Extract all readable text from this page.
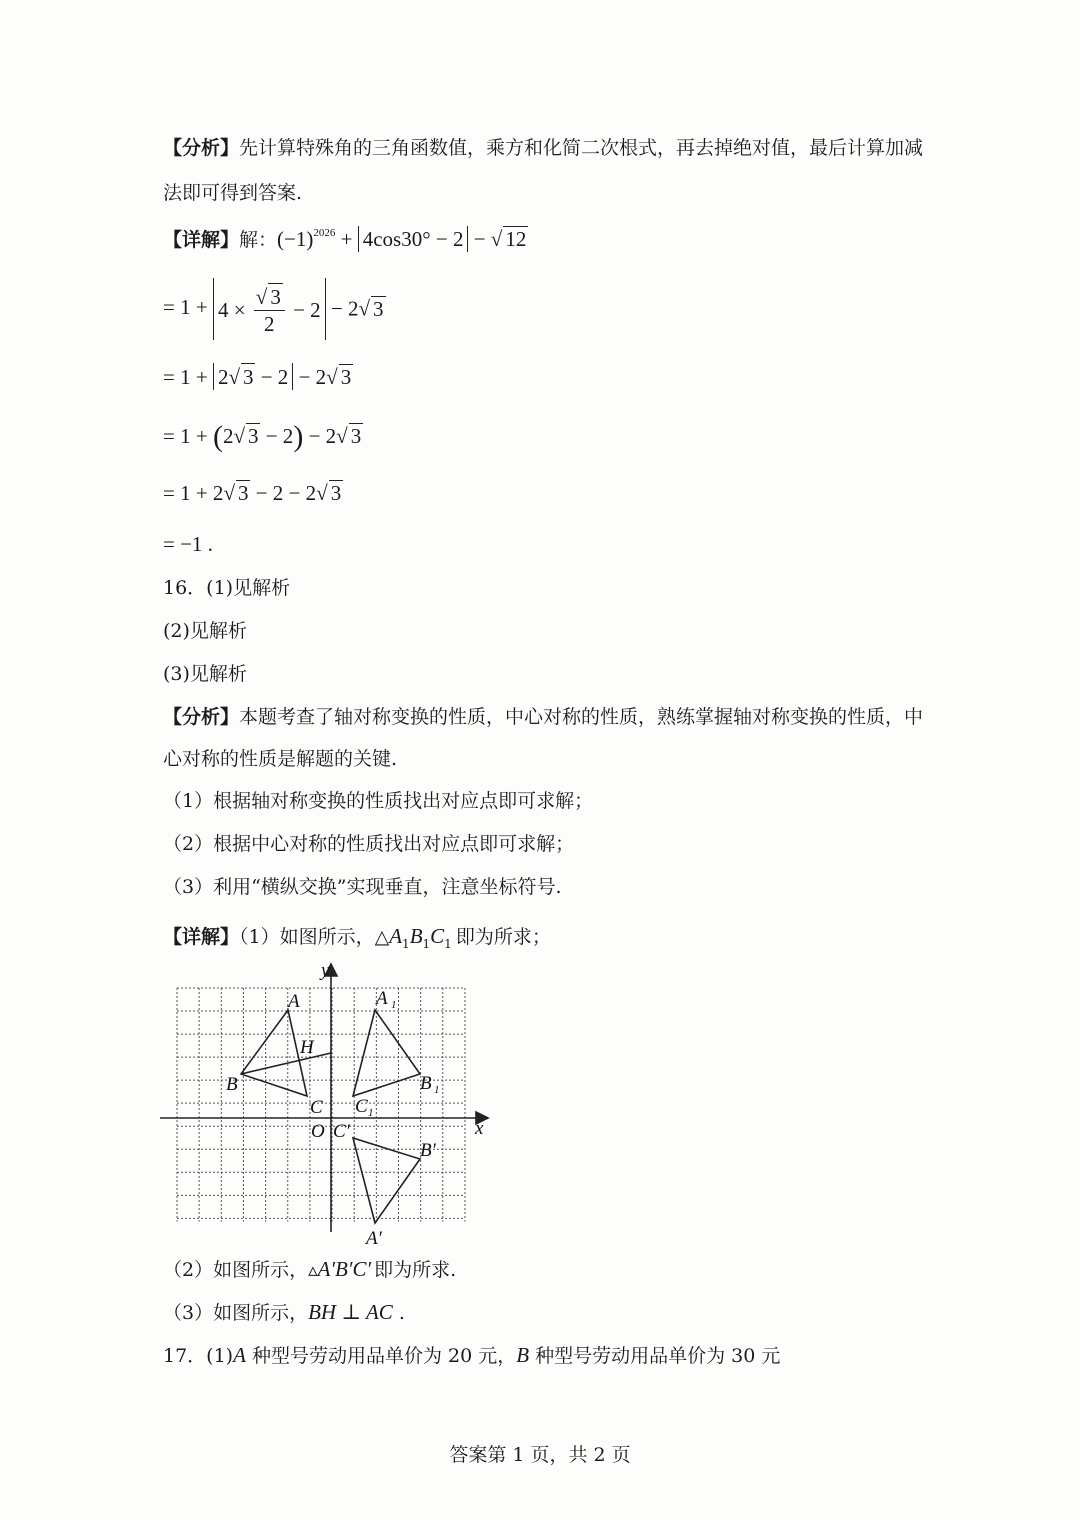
【分析】先计算特殊角的三角函数值，乘方和化简二次根式，再去掉绝对值，最后计算加减
法即可得到答案.
【详解】解：$(-1)^{2026} + 4\cos 30^\circ - 2$ − √ 12
= $1 + 4 \times \frac{√ 3}{2} - 2 - 2√$ 3
= 1 + 2√ 3 − 2 − 2√ 3
= 1 + (2√ 3 − 2) − 2√ 3
= 1 + 2√ 3 − 2 − 2√ 3
= −1 .
16．(1)见解析
(2)见解析
(3)见解析
【分析】本题考查了轴对称变换的性质，中心对称的性质，熟练掌握轴对称变换的性质，中
心对称的性质是解题的关键.
（1）根据轴对称变换的性质找出对应点即可求解；
（2）根据中心对称的性质找出对应点即可求解；
（3）利用“横纵交换”实现垂直，注意坐标符号.
【详解】（1）如图所示，$\triangle A_1B_1C_1$ 即为所求；
y
x
O
A
B
C
H
A 1
B 1
C 1
C′
B′
A′
（2）如图所示，▵A′B′C′ 即为所求.
（3）如图所示，BH ⊥ AC .
17．(1)A 种型号劳动用品单价为 20 元，B 种型号劳动用品单价为 30 元
答案第 1 页，共 2 页
